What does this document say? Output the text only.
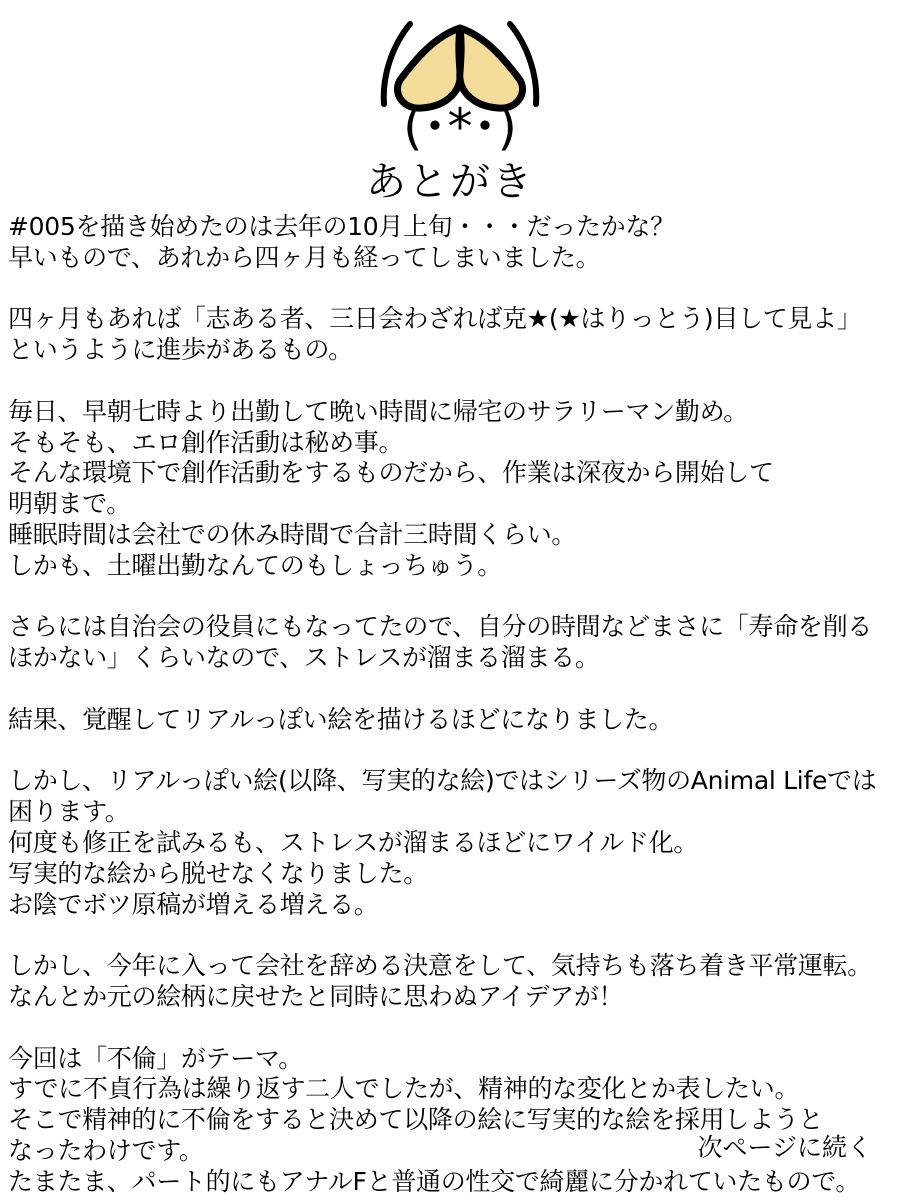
(･*･)
あとがき
#005を描き始めたのは去年の10月上旬・・・だったかな？
早いもので、あれから四ヶ月も経ってしまいました。
四ヶ月もあれば「志ある者、三日会わざれば克★(★はりっとう)目して見よ」
というように進歩があるもの。
毎日、早朝七時より出勤して晩い時間に帰宅のサラリーマン勤め。
そもそも、エロ創作活動は秘め事。
そんな環境下で創作活動をするものだから、作業は深夜から開始して
明朝まで。
睡眠時間は会社での休み時間で合計三時間くらい。
しかも、土曜出勤なんてのもしょっちゅう。
さらには自治会の役員にもなってたので、自分の時間などまさに「寿命を削る
ほかない」くらいなので、ストレスが溜まる溜まる。
結果、覚醒してリアルっぽい絵を描けるほどになりました。
しかし、リアルっぽい絵(以降、写実的な絵)ではシリーズ物のAnimal Lifeでは
困ります。
何度も修正を試みるも、ストレスが溜まるほどにワイルド化。
写実的な絵から脱せなくなりました。
お陰でボツ原稿が増える増える。
しかし、今年に入って会社を辞める決意をして、気持ちも落ち着き平常運転。
なんとか元の絵柄に戻せたと同時に思わぬアイデアが！
今回は「不倫」がテーマ。
すでに不貞行為は繰り返す二人でしたが、精神的な変化とか表したい。
そこで精神的に不倫をすると決めて以降の絵に写実的な絵を採用しようと
なったわけです。
たまたま、パート的にもアナルFと普通の性交で綺麗に分かれていたもので。
次ページに続く
